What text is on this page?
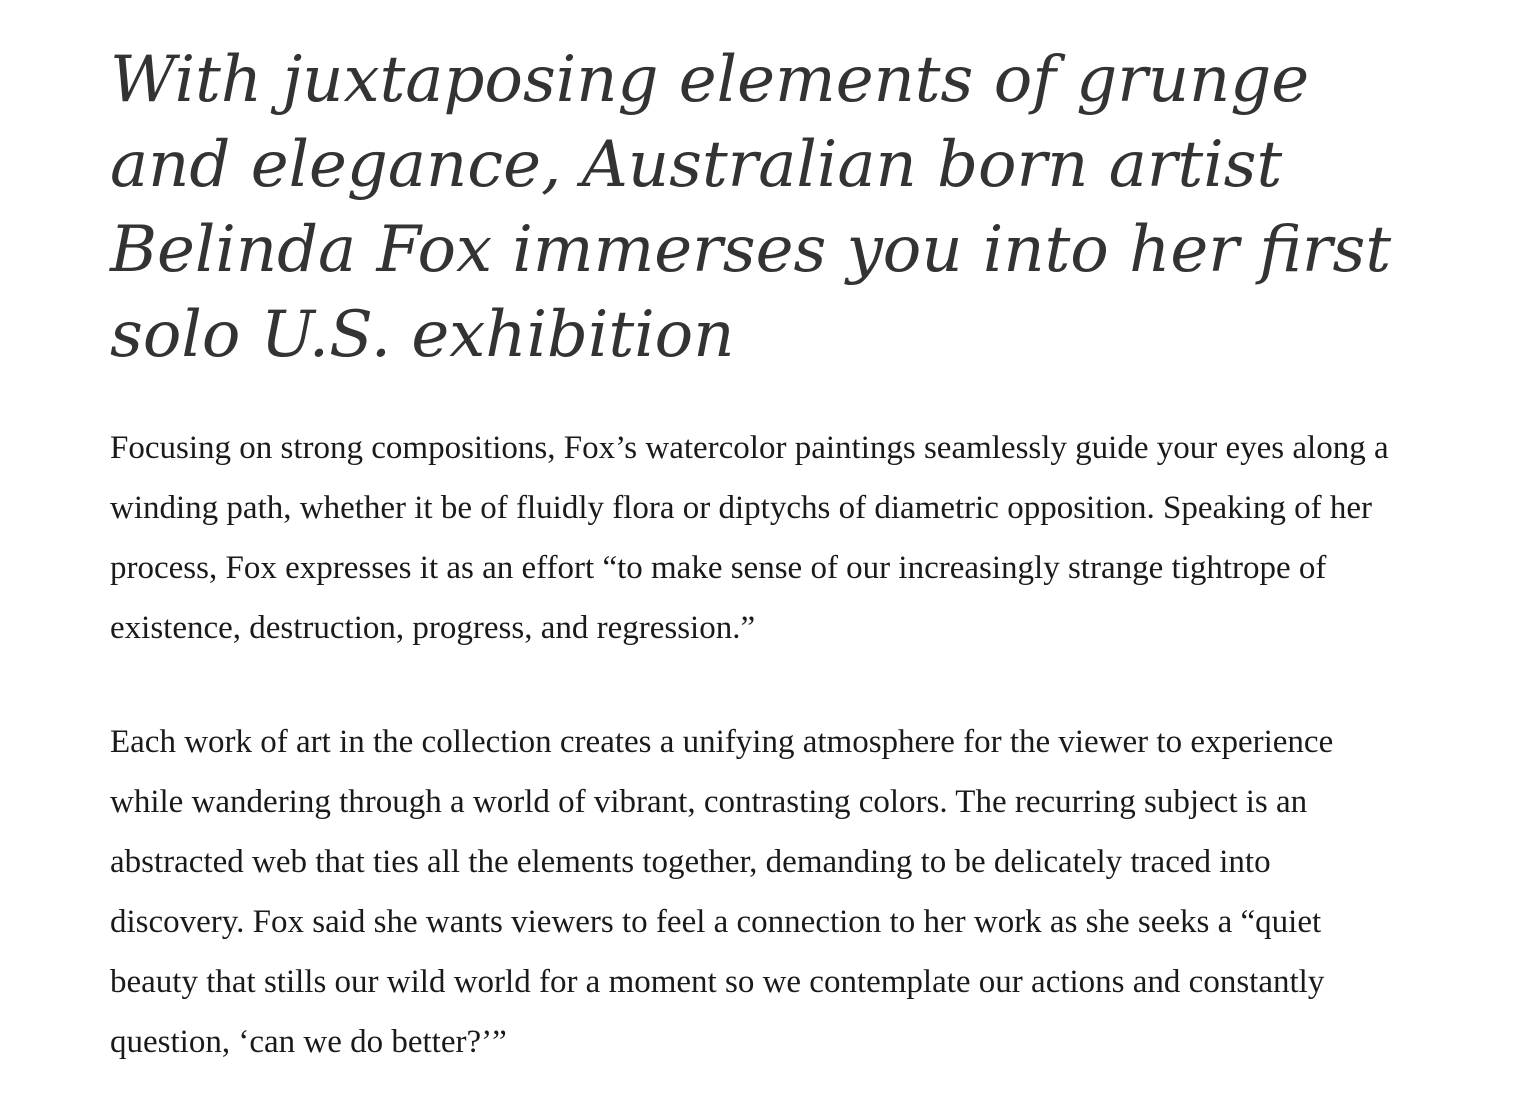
With juxtaposing elements of grunge and elegance, Australian born artist Belinda Fox immerses you into her first solo U.S. exhibition

Focusing on strong compositions, Fox’s watercolor paintings seamlessly guide your eyes along a winding path, whether it be of fluidly flora or diptychs of diametric opposition. Speaking of her process, Fox expresses it as an effort “to make sense of our increasingly strange tightrope of existence, destruction, progress, and regression.”

Each work of art in the collection creates a unifying atmosphere for the viewer to experience while wandering through a world of vibrant, contrasting colors. The recurring subject is an abstracted web that ties all the elements together, demanding to be delicately traced into discovery. Fox said she wants viewers to feel a connection to her work as she seeks a “quiet beauty that stills our wild world for a moment so we contemplate our actions and constantly question, ‘can we do better?’”
